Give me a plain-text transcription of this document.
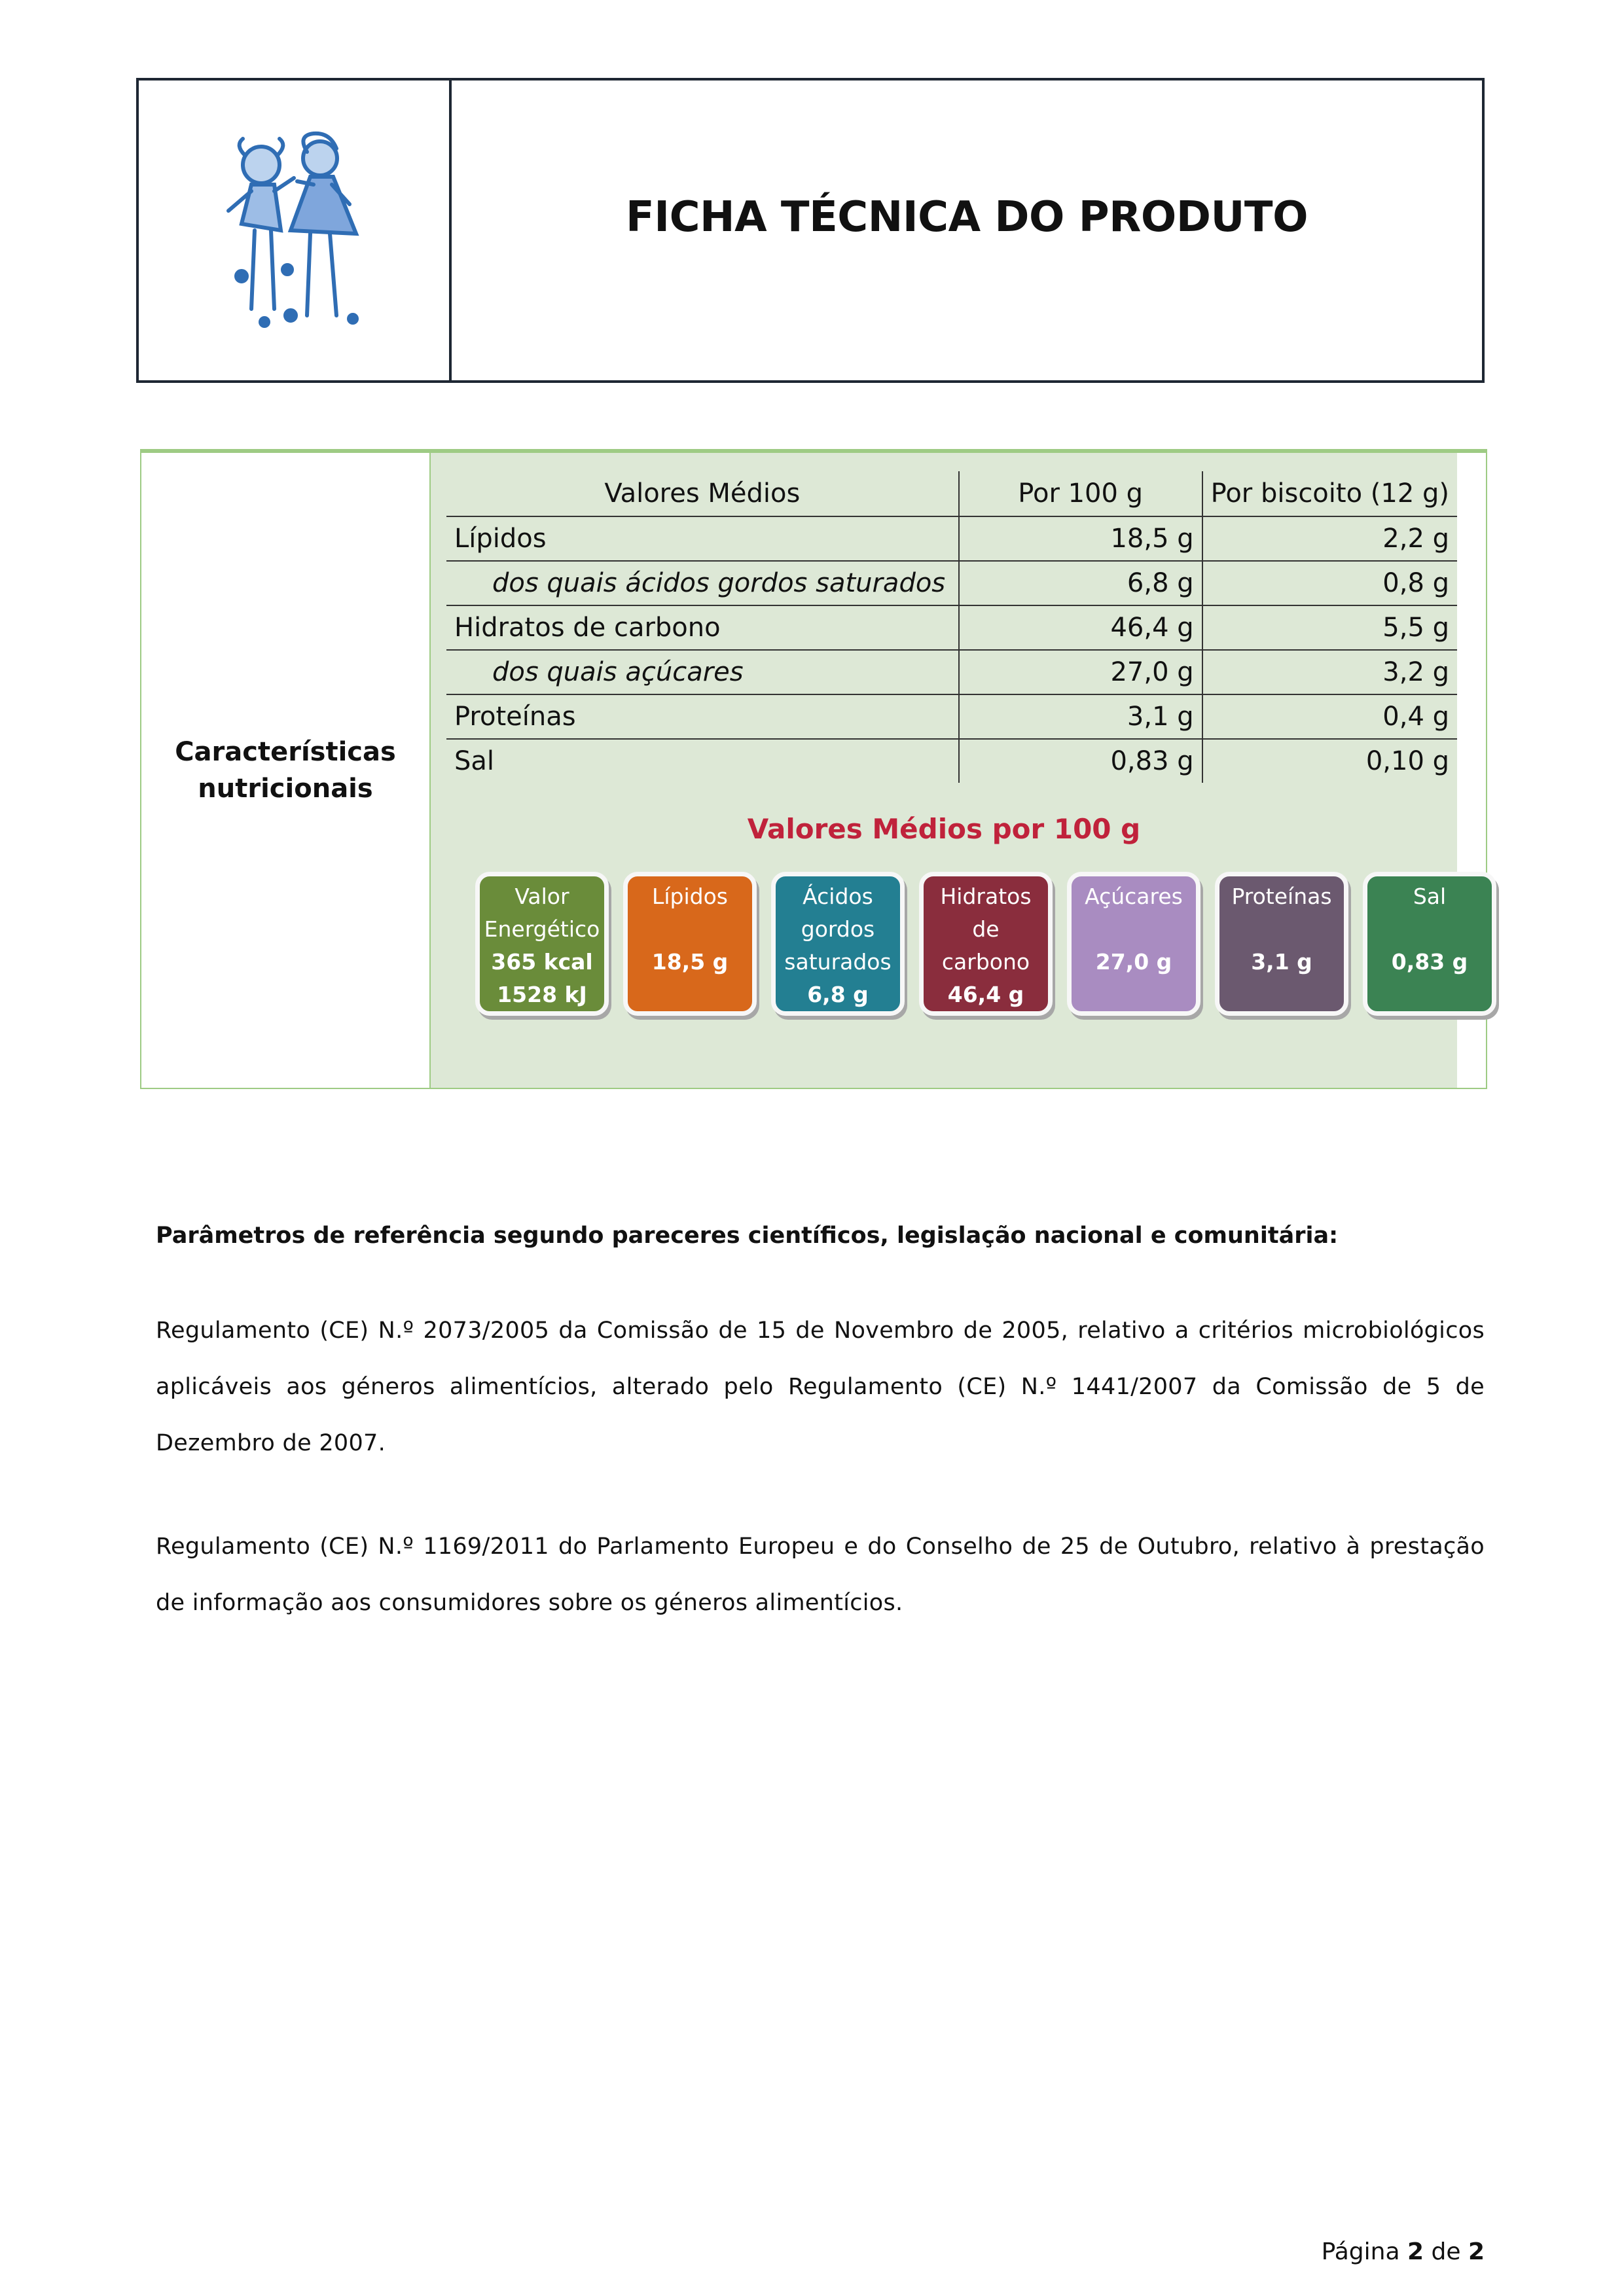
FICHA TÉCNICA DO PRODUTO
Características nutricionais
Valores Médios	Por 100 g	Por biscoito (12 g)
Lípidos	18,5 g	2,2 g
dos quais ácidos gordos saturados	6,8 g	0,8 g
Hidratos de carbono	46,4 g	5,5 g
dos quais açúcares	27,0 g	3,2 g
Proteínas	3,1 g	0,4 g
Sal	0,83 g	0,10 g
Valores Médios por 100 g
Valor
Energético
365 kcal
1528 kJ
Lípidos
18,5 g
Ácidos
gordos
saturados
6,8 g
Hidratos
de
carbono
46,4 g
Açúcares
27,0 g
Proteínas
3,1 g
Sal
0,83 g
Parâmetros de referência segundo pareceres científicos, legislação nacional e comunitária:
Regulamento (CE) N.º 2073/2005 da Comissão de 15 de Novembro de 2005, relativo a critérios microbiológicos aplicáveis aos géneros alimentícios, alterado pelo Regulamento (CE) N.º 1441/2007 da Comissão de 5 de Dezembro de 2007.
Regulamento (CE) N.º 1169/2011 do Parlamento Europeu e do Conselho de 25 de Outubro, relativo à prestação de informação aos consumidores sobre os géneros alimentícios.
Página 2 de 2
